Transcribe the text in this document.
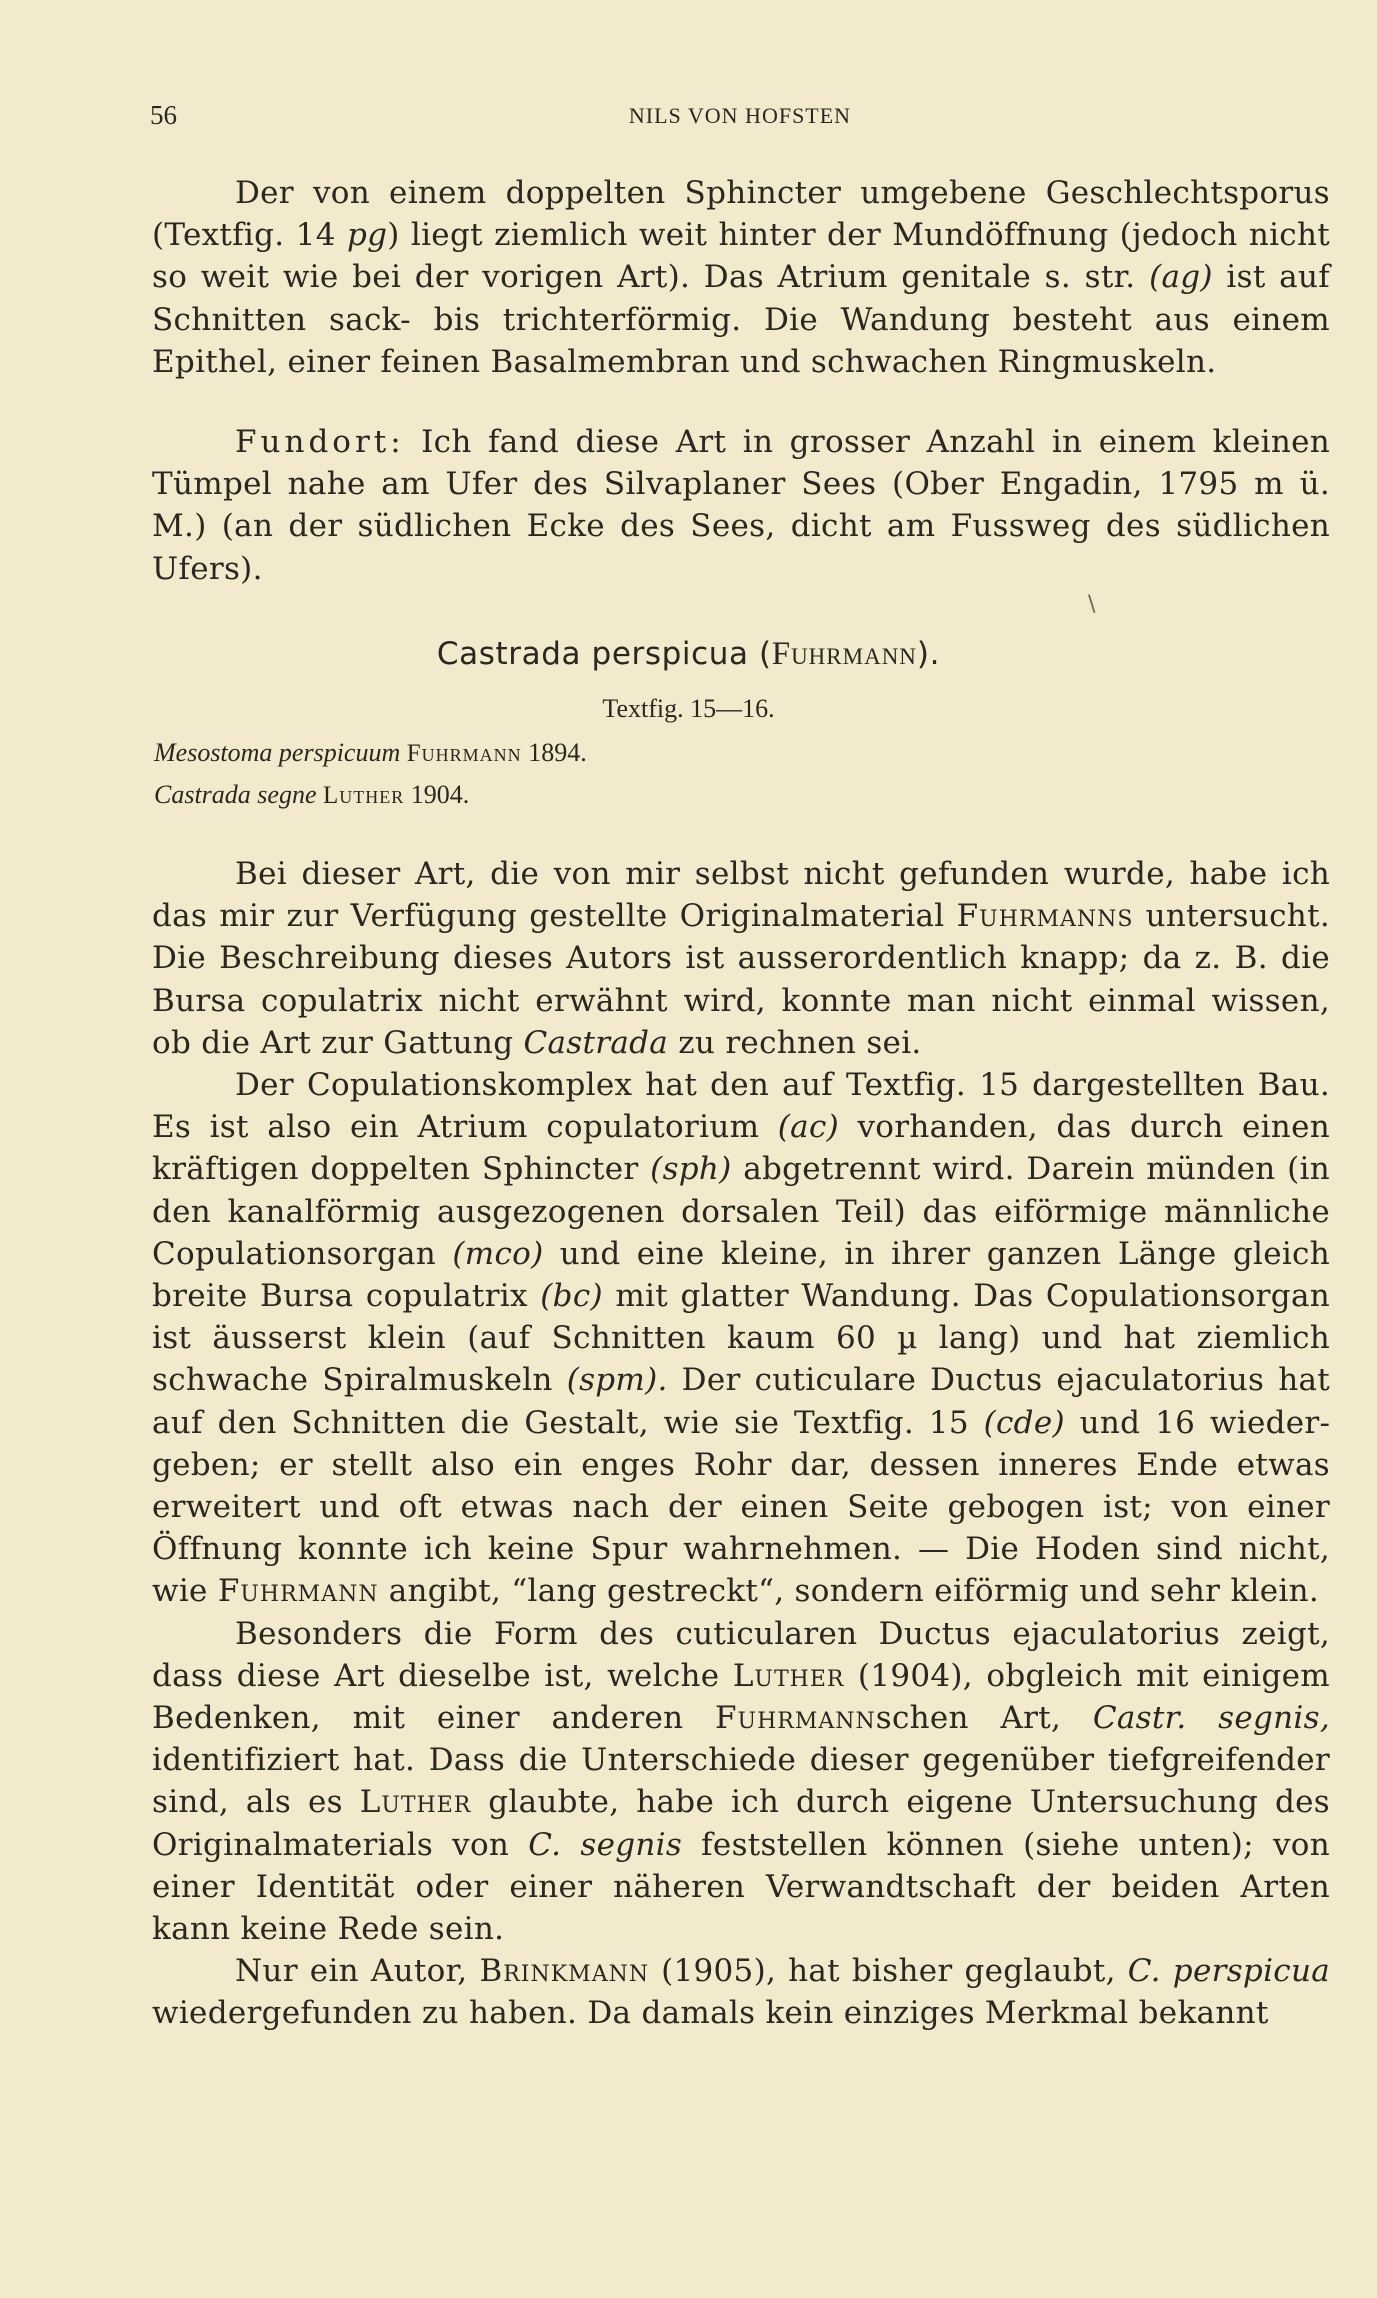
56	NILS VON HOFSTEN

Der von einem doppelten Sphincter umgebene Geschlechtsporus (Textfig. 14 pg) liegt ziemlich weit hinter der Mundöffnung (jedoch nicht so weit wie bei der vorigen Art). Das Atrium genitale s. str. (ag) ist auf Schnitten sack- bis trichterförmig. Die Wandung besteht aus einem Epithel, einer feinen Basalmembran und schwachen Ringmuskeln.

Fundort: Ich fand diese Art in grosser Anzahl in einem kleinen Tümpel nahe am Ufer des Silvaplaner Sees (Ober Engadin, 1795 m ü. M.) (an der südlichen Ecke des Sees, dicht am Fussweg des südlichen Ufers).

\
Castrada perspicua (Fuhrmann).
Textfig. 15—16.
Mesostoma perspicuum Fuhrmann 1894.
Castrada segne Luther 1904.

Bei dieser Art, die von mir selbst nicht gefunden wurde, habe ich das mir zur Verfügung gestellte Originalmaterial Fuhrmanns untersucht. Die Beschreibung dieses Autors ist ausserordentlich knapp; da z. B. die Bursa copulatrix nicht erwähnt wird, konnte man nicht einmal wissen, ob die Art zur Gattung Castrada zu rechnen sei.

Der Copulationskomplex hat den auf Textfig. 15 dargestellten Bau. Es ist also ein Atrium copulatorium (ac) vorhanden, das durch einen kräftigen doppelten Sphincter (sph) abgetrennt wird. Darein münden (in den kanalförmig ausgezogenen dorsalen Teil) das eiförmige männliche Copulationsorgan (mco) und eine kleine, in ihrer ganzen Länge gleich breite Bursa copulatrix (bc) mit glatter Wandung. Das Copulationsorgan ist äusserst klein (auf Schnitten kaum 60 µ lang) und hat ziemlich schwache Spiralmuskeln (spm). Der cuticulare Ductus ejaculatorius hat auf den Schnitten die Gestalt, wie sie Textfig. 15 (cde) und 16 wiedergeben; er stellt also ein enges Rohr dar, dessen inneres Ende etwas erweitert und oft etwas nach der einen Seite gebogen ist; von einer Öffnung konnte ich keine Spur wahrnehmen. — Die Hoden sind nicht, wie Fuhrmann angibt, “lang gestreckt“, sondern eiförmig und sehr klein.

Besonders die Form des cuticularen Ductus ejaculatorius zeigt, dass diese Art dieselbe ist, welche Luther (1904), obgleich mit einigem Bedenken, mit einer anderen Fuhrmannschen Art, Castr. segnis, identifiziert hat. Dass die Unterschiede dieser gegenüber tiefgreifender sind, als es Luther glaubte, habe ich durch eigene Untersuchung des Originalmaterials von C. segnis feststellen können (siehe unten); von einer Identität oder einer näheren Verwandtschaft der beiden Arten kann keine Rede sein.

Nur ein Autor, Brinkmann (1905), hat bisher geglaubt, C. perspicua wiedergefunden zu haben. Da damals kein einziges Merkmal bekannt
